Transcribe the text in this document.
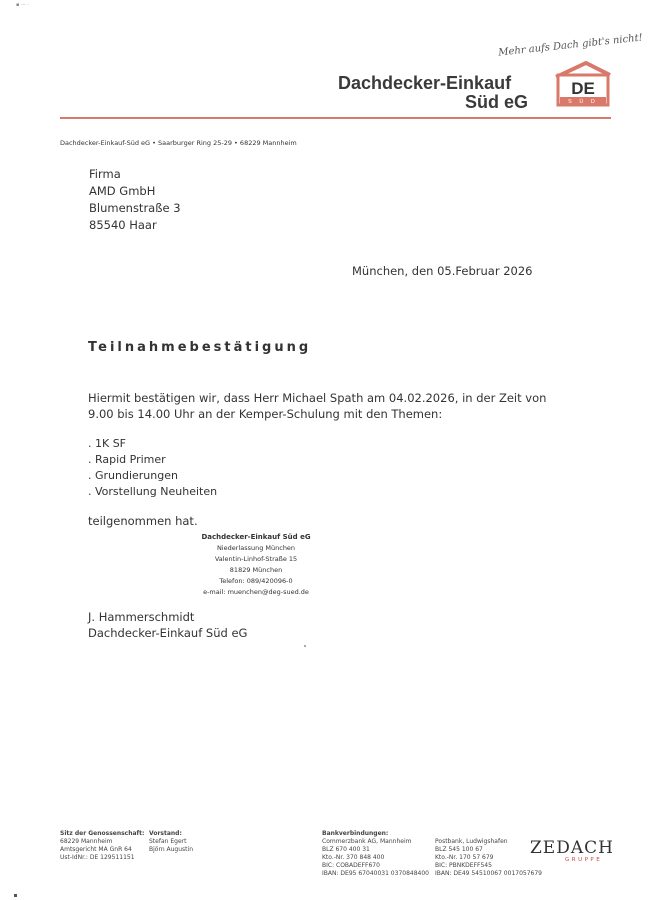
▪ ··· ·
Mehr aufs Dach gibt's nicht!
Dachdecker-Einkauf
Süd eG
DE
S Ü D
Dachdecker-Einkauf-Süd eG • Saarburger Ring 25-29 • 68229 Mannheim
Firma
AMD GmbH
Blumenstraße 3
85540 Haar
München, den 05.Februar 2026
Teilnahmebestätigung
Hiermit bestätigen wir, dass Herr Michael Spath am 04.02.2026, in der Zeit von 9.00 bis 14.00 Uhr an der Kemper-Schulung mit den Themen:
. 1K SF
. Rapid Primer
. Grundierungen
. Vorstellung Neuheiten
teilgenommen hat.
Dachdecker-Einkauf Süd eG
Niederlassung München
Valentin-Linhof-Straße 15
81829 München
Telefon: 089/420096-0
e-mail: muenchen@deg-sued.de
J. Hammerschmidt
Dachdecker-Einkauf Süd eG
Sitz der Genossenschaft:
68229 Mannheim
Amtsgericht MA GnR 64
Ust-IdNr.: DE 129511151
Vorstand:
Stefan Egert
Björn Augustin
Bankverbindungen:
Commerzbank AG, Mannheim
BLZ 670 400 31
Kto.-Nr. 370 848 400
BIC: COBADEFF670
IBAN: DE95 67040031 0370848400
Postbank, Ludwigshafen
BLZ 545 100 67
Kto.-Nr. 170 57 679
BIC: PBNKDEFF545
IBAN: DE49 54510067 0017057679
ZEDACH
GRUPPE
